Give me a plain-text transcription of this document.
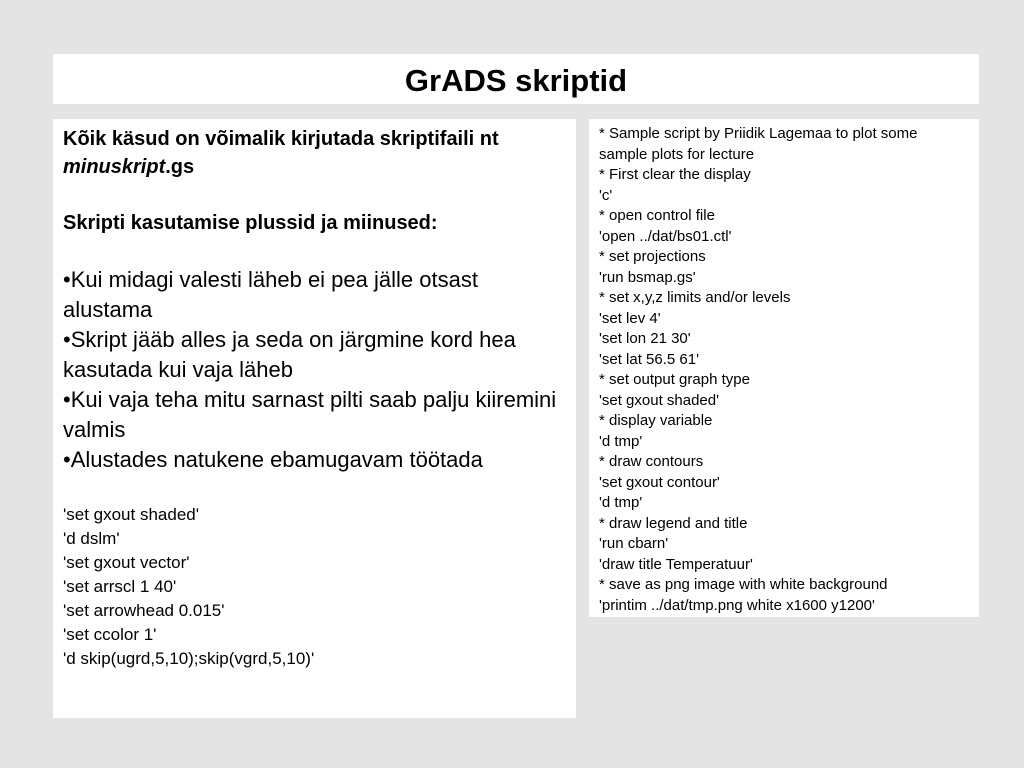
GrADS skriptid

Kõik käsud on võimalik kirjutada skriptifaili nt minuskript.gs

Skripti kasutamise plussid ja miinused:

•Kui midagi valesti läheb ei pea jälle otsast alustama
•Skript jääb alles ja seda on järgmine kord hea kasutada kui vaja läheb
•Kui vaja teha mitu sarnast pilti saab palju kiiremini valmis
•Alustades natukene ebamugavam töötada
'set gxout shaded'
'd dslm'
'set gxout vector'
'set arrscl 1 40'
'set arrowhead 0.015'
'set ccolor 1'
'd skip(ugrd,5,10);skip(vgrd,5,10)'
* Sample script by Priidik Lagemaa to plot some
sample plots for lecture
* First clear the display
'c'
* open control file
'open ../dat/bs01.ctl'
* set projections
'run bsmap.gs'
* set x,y,z limits and/or levels
'set lev 4'
'set lon 21 30'
'set lat 56.5 61'
* set output graph type
'set gxout shaded'
* display variable
'd tmp'
* draw contours
'set gxout contour'
'd tmp'
* draw legend and title
'run cbarn'
'draw title Temperatuur'
* save as png image with white background
'printim ../dat/tmp.png white x1600 y1200'
